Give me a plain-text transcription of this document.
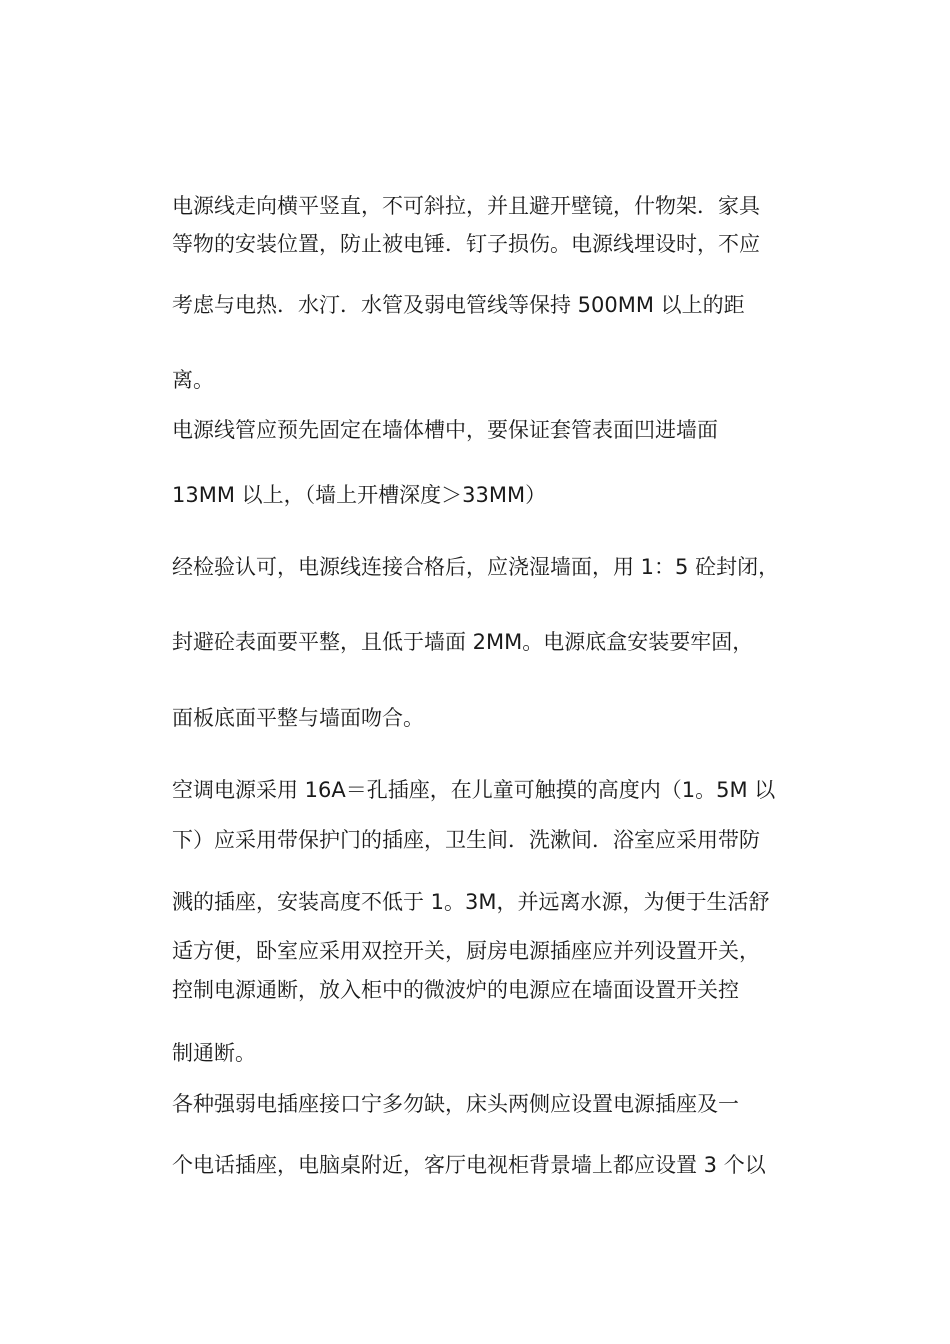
电源线走向横平竖直，不可斜拉，并且避开壁镜，什物架．家具
等物的安装位置，防止被电锤．钉子损伤。电源线埋设时，不应
考虑与电热．水汀．水管及弱电管线等保持 500MM 以上的距
离。
电源线管应预先固定在墙体槽中，要保证套管表面凹进墙面
13MM 以上，（墙上开槽深度＞33MM）
经检验认可，电源线连接合格后，应浇湿墙面，用 1：5 砼封闭，
封避砼表面要平整，且低于墙面 2MM。电源底盒安装要牢固，
面板底面平整与墙面吻合。
空调电源采用 16A＝孔插座，在儿童可触摸的高度内（1。5M 以
下）应采用带保护门的插座，卫生间．洗漱间．浴室应采用带防
溅的插座，安装高度不低于 1。3M，并远离水源，为便于生活舒
适方便，卧室应采用双控开关，厨房电源插座应并列设置开关，
控制电源通断，放入柜中的微波炉的电源应在墙面设置开关控
制通断。
各种强弱电插座接口宁多勿缺，床头两侧应设置电源插座及一
个电话插座，电脑桌附近，客厅电视柜背景墙上都应设置 3 个以
